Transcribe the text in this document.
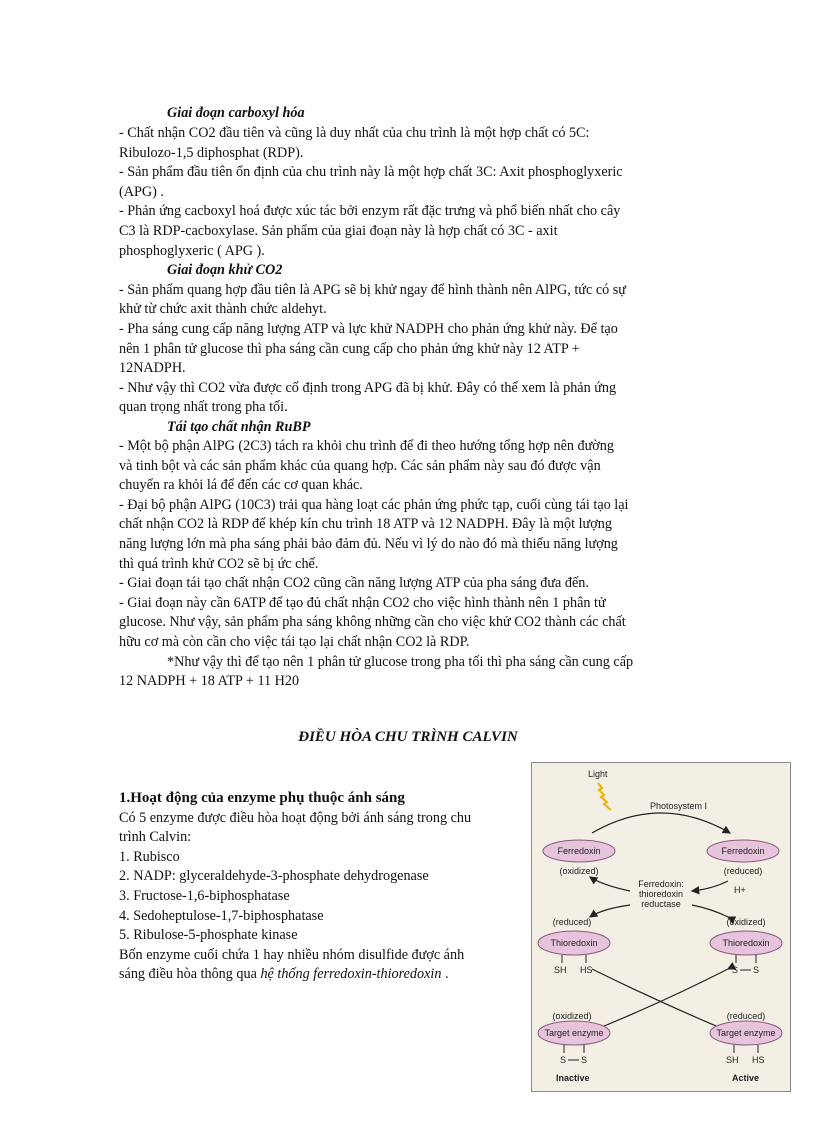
Giai đoạn carboxyl hóa

- Chất nhận CO2 đầu tiên và cũng là duy nhất của chu trình là một hợp chất có 5C:

Ribulozo-1,5 diphosphat (RDP).

- Sản phẩm đầu tiên ổn định của chu trình này là một hợp chất 3C: Axit phosphoglyxeric

(APG) .

- Phản ứng cacboxyl hoá được xúc tác bởi enzym rất đặc trưng và phổ biến nhất cho cây

C3 là RDP-cacboxylase. Sản phẩm của giai đoạn này là hợp chất có 3C - axit

phosphoglyxeric ( APG ).

Giai đoạn khử CO2

- Sản phẩm quang hợp đầu tiên là APG sẽ bị khử ngay để hình thành nên AlPG, tức có sự

khử từ chức axit thành chức aldehyt.

- Pha sáng cung cấp năng lượng ATP và lực khử NADPH cho phản ứng khử này. Để tạo

nên 1 phân tử glucose thì pha sáng cần cung cấp cho phản ứng khử này 12 ATP +

12NADPH.

- Như vậy thì CO2 vừa được cố định trong APG đã bị khử. Đây có thể xem là phản ứng

quan trọng nhất trong pha tối.

Tái tạo chất nhận RuBP

- Một bộ phận AlPG (2C3) tách ra khỏi chu trình để đi theo hướng tổng hợp nên đường

và tinh bột và các sản phẩm khác của quang hợp. Các sản phẩm này sau đó được vận

chuyển ra khỏi lá để đến các cơ quan khác.

- Đại bộ phận AlPG (10C3) trải qua hàng loạt các phản ứng phức tạp, cuối cùng tái tạo lại

chất nhận CO2 là RDP để khép kín chu trình 18 ATP và 12 NADPH. Đây là một lượng

năng lượng lớn mà pha sáng phải bảo đảm đủ. Nếu vì lý do nào đó mà thiếu năng lượng

thì quá trình khử CO2 sẽ bị ức chế.

- Giai đoạn tái tạo chất nhận CO2 cũng cần năng lượng ATP của pha sáng đưa đến.

- Giai đoạn này cần 6ATP để tạo đủ chất nhận CO2 cho việc hình thành nên 1 phân tử

glucose. Như vậy, sản phẩm pha sáng không những cần cho việc khử CO2 thành các chất

hữu cơ mà còn cần cho việc tái tạo lại chất nhận CO2 là RDP.

*Như vậy thì để tạo nên 1 phân tử glucose trong pha tối thì pha sáng cần cung cấp

12 NADPH + 18 ATP + 11 H20

ĐIỀU HÒA CHU TRÌNH CALVIN
1.Hoạt động của enzyme phụ thuộc ánh sáng
Có 5 enzyme được điều hòa hoạt động bởi ánh sáng trong chu
trình Calvin:
1. Rubisco
2. NADP: glyceraldehyde-3-phosphate dehydrogenase
3. Fructose-1,6-biphosphatase
4. Sedoheptulose-1,7-biphosphatase
5. Ribulose-5-phosphate kinase
Bốn enzyme cuối chứa 1 hay nhiều nhóm disulfide được ánh
sáng điều hòa thông qua hệ thống ferredoxin-thioredoxin .
Light
Photosystem I
Ferredoxin
(oxidized)
Ferredoxin
(reduced)
Ferredoxin:
thioredoxin
reductase
H+
(reduced)	(oxidized)
Thioredoxin	Thioredoxin
SH HS	S S
(oxidized)	(reduced)
Target enzyme	Target enzyme
S S	SH HS
Inactive	Active
